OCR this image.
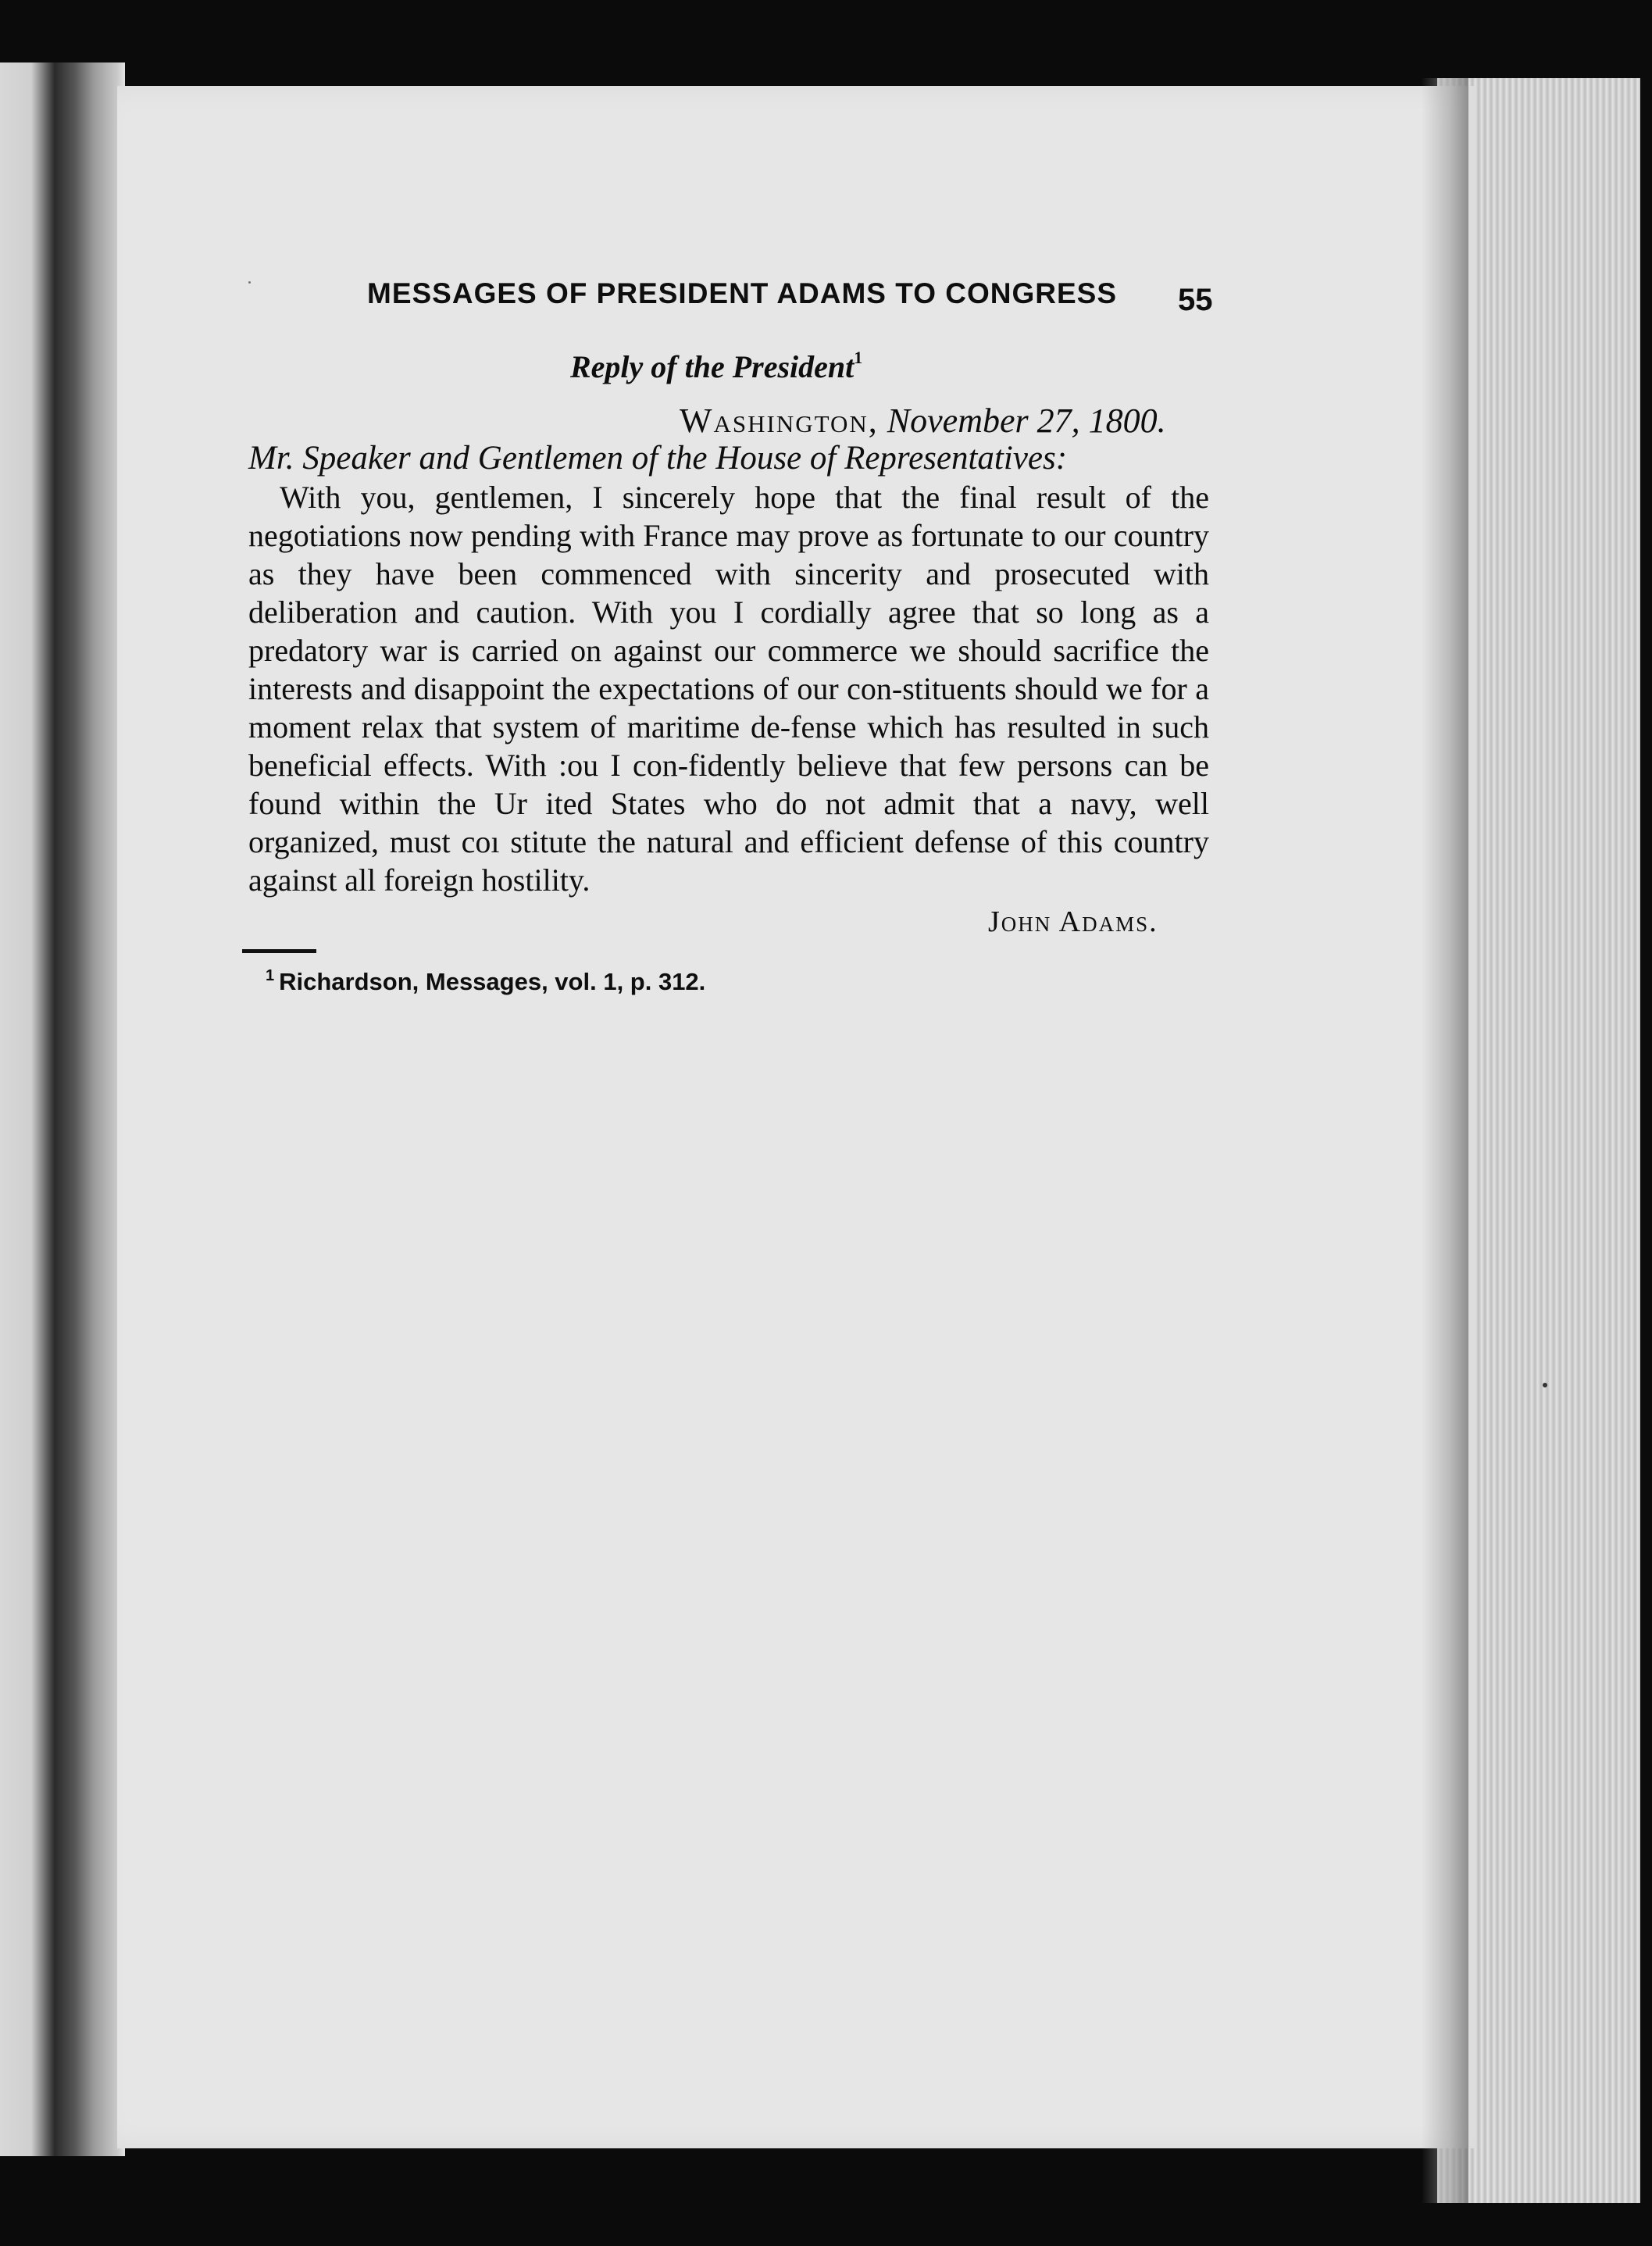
MESSAGES OF PRESIDENT ADAMS TO CONGRESS	55
Reply of the President$^1$
Washington, November 27, 1800.
Mr. Speaker and Gentlemen of the House of Representatives:
With you, gentlemen, I sincerely hope that the final result of the negotiations now pending with France may prove as fortunate to our country as they have been commenced with sincerity and prosecuted with deliberation and caution. With you I cordially agree that so long as a predatory war is carried on against our commerce we should sacrifice the interests and disappoint the expectations of our con-stituents should we for a moment relax that system of maritime de-fense which has resulted in such beneficial effects. With :ou I con-fidently believe that few persons can be found within the Ur ited States who do not admit that a navy, well organized, must coı stitute the natural and efficient defense of this country against all foreign hostility.
John Adams.
$^1$ Richardson, Messages, vol. 1, p. 312.
